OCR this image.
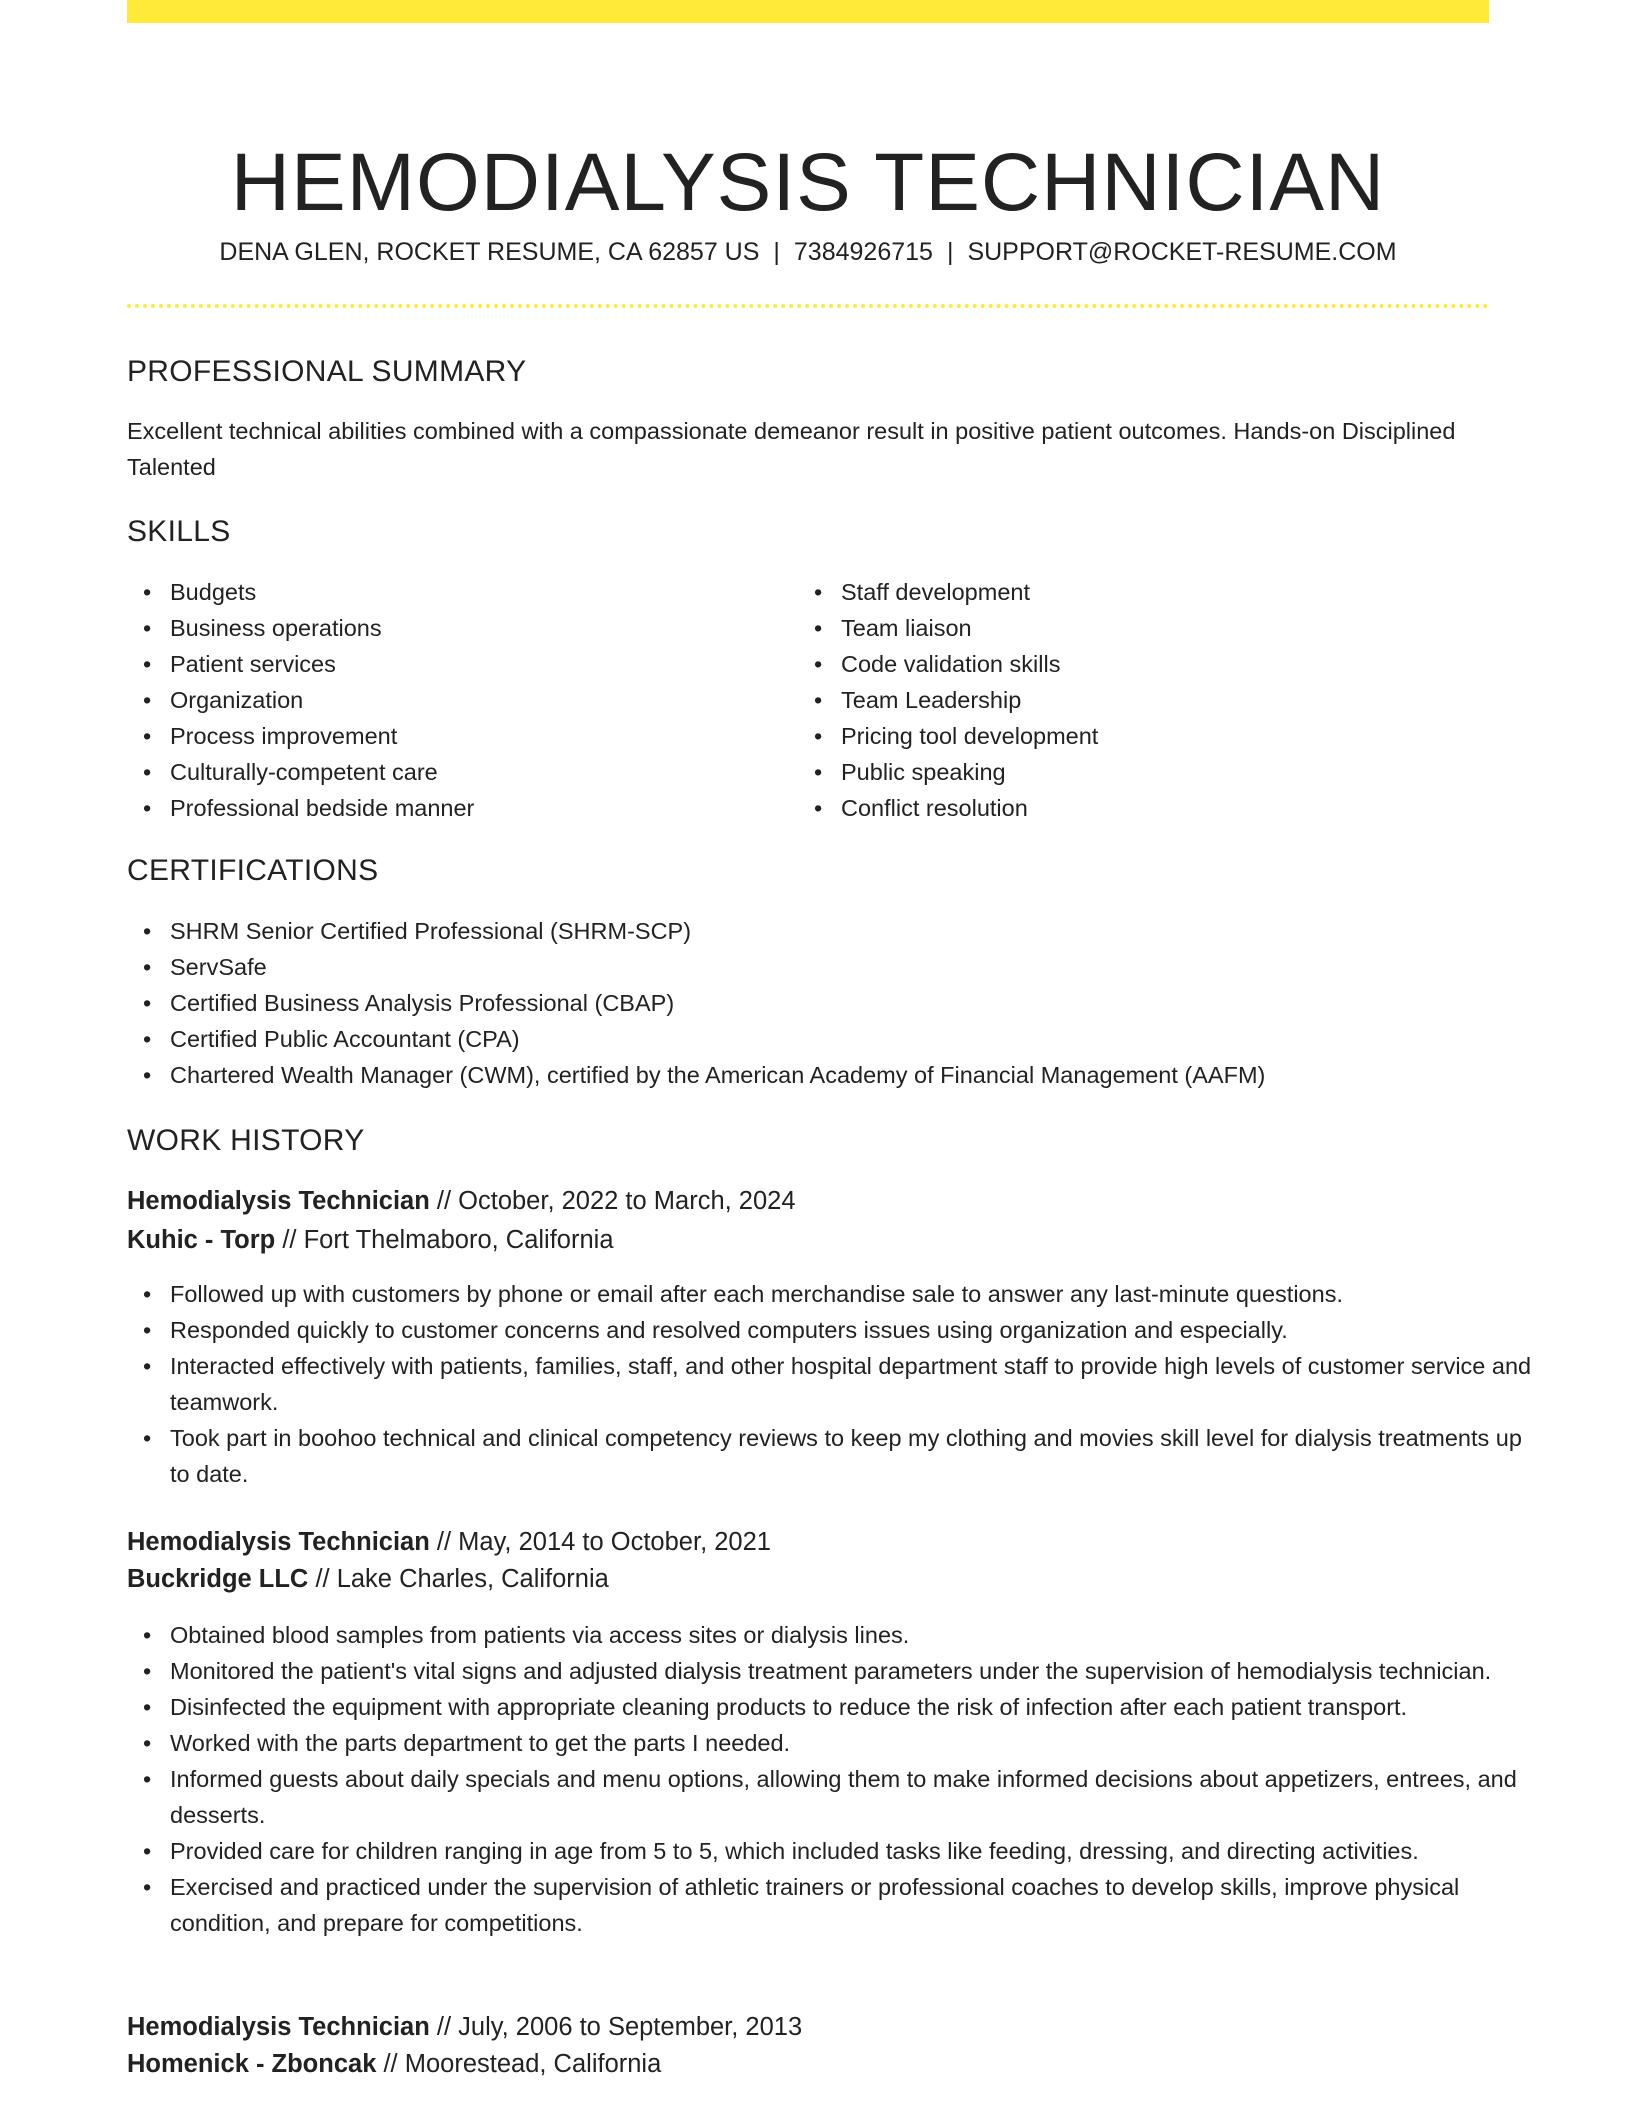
HEMODIALYSIS TECHNICIAN
DENA GLEN, ROCKET RESUME, CA 62857 US | 7384926715 | SUPPORT@ROCKET-RESUME.COM
PROFESSIONAL SUMMARY
Excellent technical abilities combined with a compassionate demeanor result in positive patient outcomes. Hands-on Disciplined Talented
SKILLS
• Budgets
• Business operations
• Patient services
• Organization
• Process improvement
• Culturally-competent care
• Professional bedside manner
• Staff development
• Team liaison
• Code validation skills
• Team Leadership
• Pricing tool development
• Public speaking
• Conflict resolution
CERTIFICATIONS
• SHRM Senior Certified Professional (SHRM-SCP)
• ServSafe
• Certified Business Analysis Professional (CBAP)
• Certified Public Accountant (CPA)
• Chartered Wealth Manager (CWM), certified by the American Academy of Financial Management (AAFM)
WORK HISTORY
Hemodialysis Technician // October, 2022 to March, 2024
Kuhic - Torp // Fort Thelmaboro, California
• Followed up with customers by phone or email after each merchandise sale to answer any last-minute questions.
• Responded quickly to customer concerns and resolved computers issues using organization and especially.
• Interacted effectively with patients, families, staff, and other hospital department staff to provide high levels of customer service and teamwork.
• Took part in boohoo technical and clinical competency reviews to keep my clothing and movies skill level for dialysis treatments up to date.
Hemodialysis Technician // May, 2014 to October, 2021
Buckridge LLC // Lake Charles, California
• Obtained blood samples from patients via access sites or dialysis lines.
• Monitored the patient's vital signs and adjusted dialysis treatment parameters under the supervision of hemodialysis technician.
• Disinfected the equipment with appropriate cleaning products to reduce the risk of infection after each patient transport.
• Worked with the parts department to get the parts I needed.
• Informed guests about daily specials and menu options, allowing them to make informed decisions about appetizers, entrees, and desserts.
• Provided care for children ranging in age from 5 to 5, which included tasks like feeding, dressing, and directing activities.
• Exercised and practiced under the supervision of athletic trainers or professional coaches to develop skills, improve physical condition, and prepare for competitions.
Hemodialysis Technician // July, 2006 to September, 2013
Homenick - Zboncak // Moorestead, California
